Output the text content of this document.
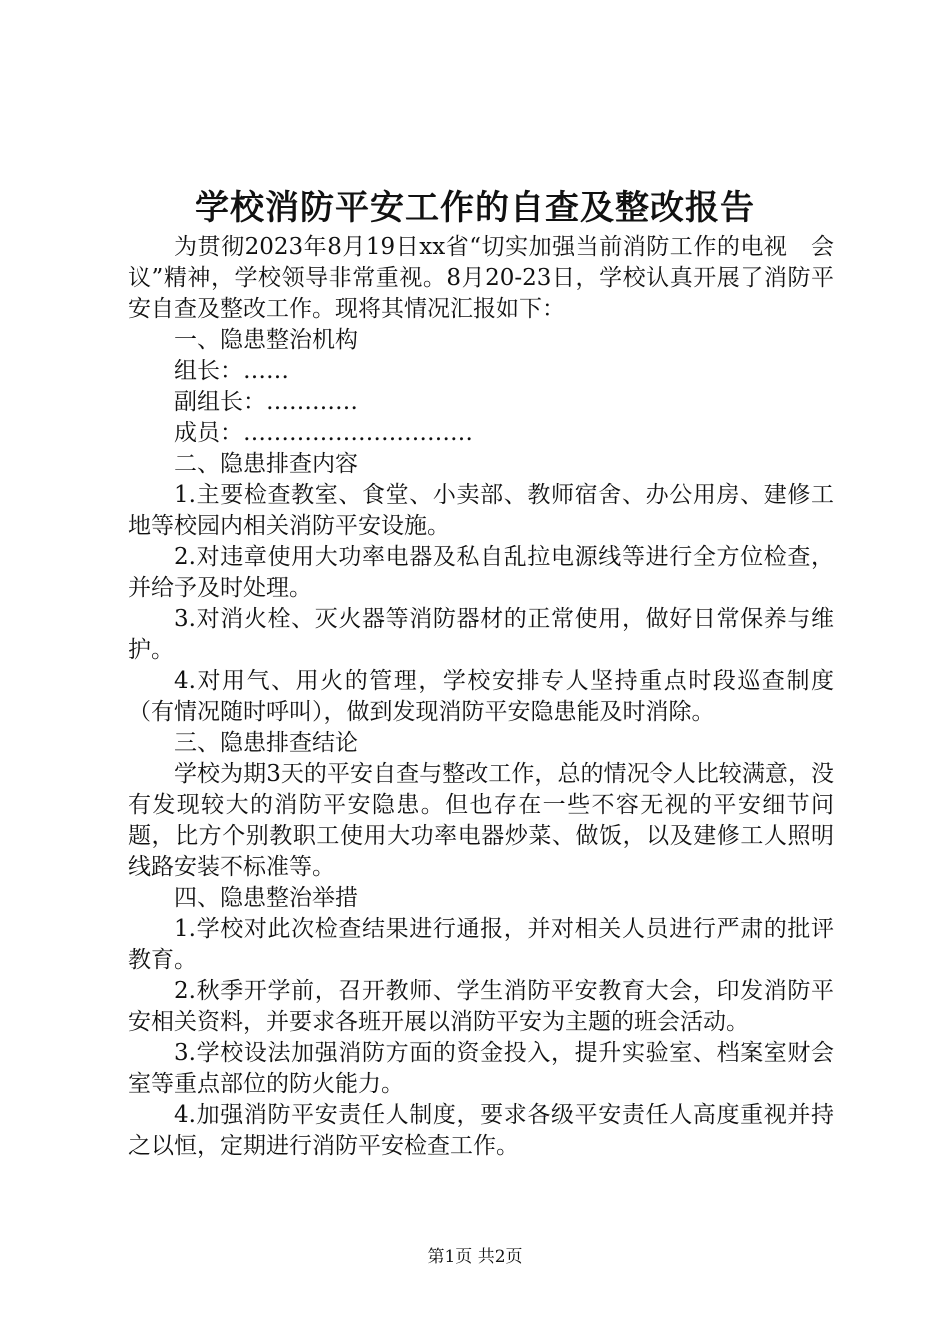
学校消防平安工作的自查及整改报告

为贯彻2023年8月19日xx省“切实加强当前消防工作的电视　会议”精神，学校领导非常重视。8月20-23日，学校认真开展了消防平安自查及整改工作。现将其情况汇报如下：

一、隐患整治机构

组长：……

副组长：…………

成员：…………………………

二、隐患排查内容

1.主要检查教室、食堂、小卖部、教师宿舍、办公用房、建修工地等校园内相关消防平安设施。

2.对违章使用大功率电器及私自乱拉电源线等进行全方位检查，并给予及时处理。

3.对消火栓、灭火器等消防器材的正常使用，做好日常保养与维护。

4.对用气、用火的管理，学校安排专人坚持重点时段巡查制度（有情况随时呼叫），做到发现消防平安隐患能及时消除。

三、隐患排查结论

学校为期3天的平安自查与整改工作，总的情况令人比较满意，没有发现较大的消防平安隐患。但也存在一些不容无视的平安细节问题，比方个别教职工使用大功率电器炒菜、做饭，以及建修工人照明线路安装不标准等。

四、隐患整治举措

1.学校对此次检查结果进行通报，并对相关人员进行严肃的批评教育。

2.秋季开学前，召开教师、学生消防平安教育大会，印发消防平安相关资料，并要求各班开展以消防平安为主题的班会活动。

3.学校设法加强消防方面的资金投入，提升实验室、档案室财会室等重点部位的防火能力。

4.加强消防平安责任人制度，要求各级平安责任人高度重视并持之以恒，定期进行消防平安检查工作。

第1页 共2页
